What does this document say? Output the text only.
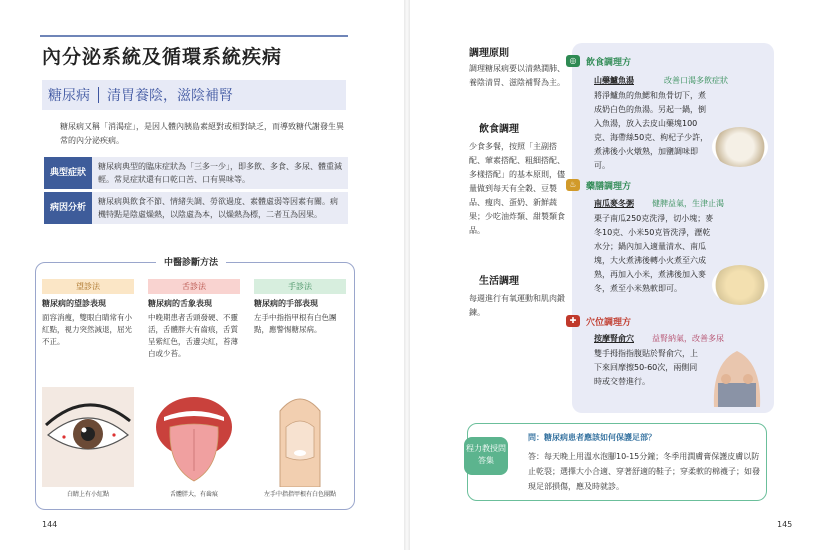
內分泌系統及循環系統疾病
糖尿病 清胃養陰，滋陰補腎
糖尿病又稱「消渴症」，是因人體內胰島素絕對或相對缺乏，而導致糖代謝發生異常的內分泌疾病。
典型症狀
糖尿病典型的臨床症狀為「三多一少」，即多飲、多食、多尿、體重減輕。常見症狀還有口乾口苦、口有異味等。
病因分析
糖尿病與飲食不節、情緒失調、勞欲過度、素體虛弱等因素有關。病機特點是陰虛燥熱，以陰虛為本，以燥熱為標，二者互為因果。
中醫診斷方法
望診法
糖尿病的望診表現
面容消瘦，雙眼白睛常有小紅點，視力突然減退，屈光不正。
舌診法
糖尿病的舌象表現
中晚期患者舌頭發硬、不靈活，舌體胖大有齒痕，舌質呈紫紅色，舌邊尖紅，苔薄白或少苔。
手診法
糖尿病的手部表現
左手中指指甲根有白色團點，應警惕糖尿病。
白睛上有小紅點	舌體胖大，有齒痕	左手中指指甲根有白色團點
144
調理原則
調理糖尿病要以清熱潤肺、養陰清胃、滋陰補腎為主。
飲食調理
少食多餐，按照「主副搭配、葷素搭配、粗細搭配、多樣搭配」的基本原則，儘量做到每天有全穀、豆製品、瘦肉、蛋奶、新鮮蔬果；少吃油炸類、甜製類食品。
生活調理
每週進行有氧運動和肌肉鍛鍊。
◎	飲食調理方
山藥鱸魚湯	改善口渴多飲症狀
將淨鱸魚的魚鰓和魚骨切下，煮成奶白色的魚湯。另起一鍋，倒入魚湯，放入去皮山藥塊100克、海帶絲50克、枸杞子少許，煮沸後小火燉熟，加鹽調味即可。
♨	藥膳調理方
南瓜麥冬粥 健脾益氣，生津止渴
栗子南瓜250克洗淨，切小塊；麥冬10克、小米50克皆洗淨，瀝乾水分；鍋內加入適量清水、南瓜塊，大火煮沸後轉小火煮至六成熟，再加入小米，煮沸後加入麥冬，煮至小米熟軟即可。
✚	穴位調理方
按摩腎俞穴 益腎納氣，改善多尿
雙手拇指指腹貼於腎俞穴，上下來回摩擦50-60次，兩側同時或交替進行。
程力教授問答集
問：糖尿病患者應該如何保護足部？
答：每天晚上用溫水泡腳10-15分鐘；冬季用潤膚膏保護皮膚以防止乾裂；選擇大小合適、穿著舒適的鞋子；穿柔軟的棉襪子；如發現足部損傷，應及時就診。
145
